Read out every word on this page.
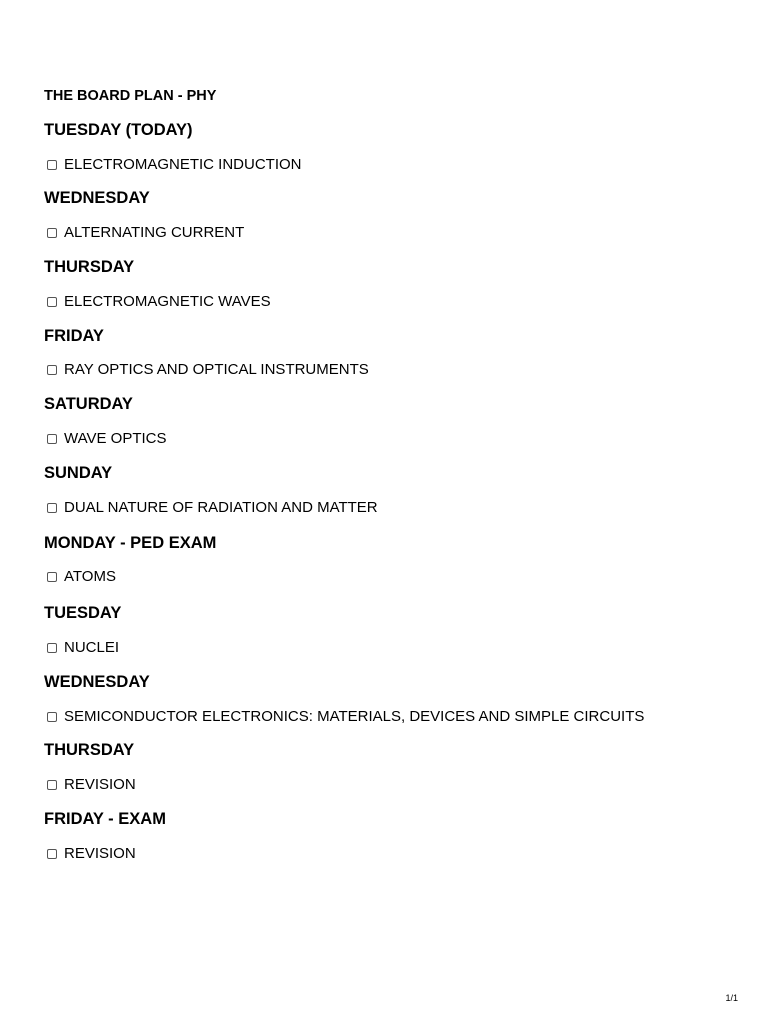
THE BOARD PLAN - PHY
TUESDAY (TODAY)
ELECTROMAGNETIC INDUCTION
WEDNESDAY
ALTERNATING CURRENT
THURSDAY
ELECTROMAGNETIC WAVES
FRIDAY
RAY OPTICS AND OPTICAL INSTRUMENTS
SATURDAY
WAVE OPTICS
SUNDAY
DUAL NATURE OF RADIATION AND MATTER
MONDAY - PED EXAM
ATOMS
TUESDAY
NUCLEI
WEDNESDAY
SEMICONDUCTOR ELECTRONICS: MATERIALS, DEVICES AND SIMPLE CIRCUITS
THURSDAY
REVISION
FRIDAY - EXAM
REVISION
1/1
